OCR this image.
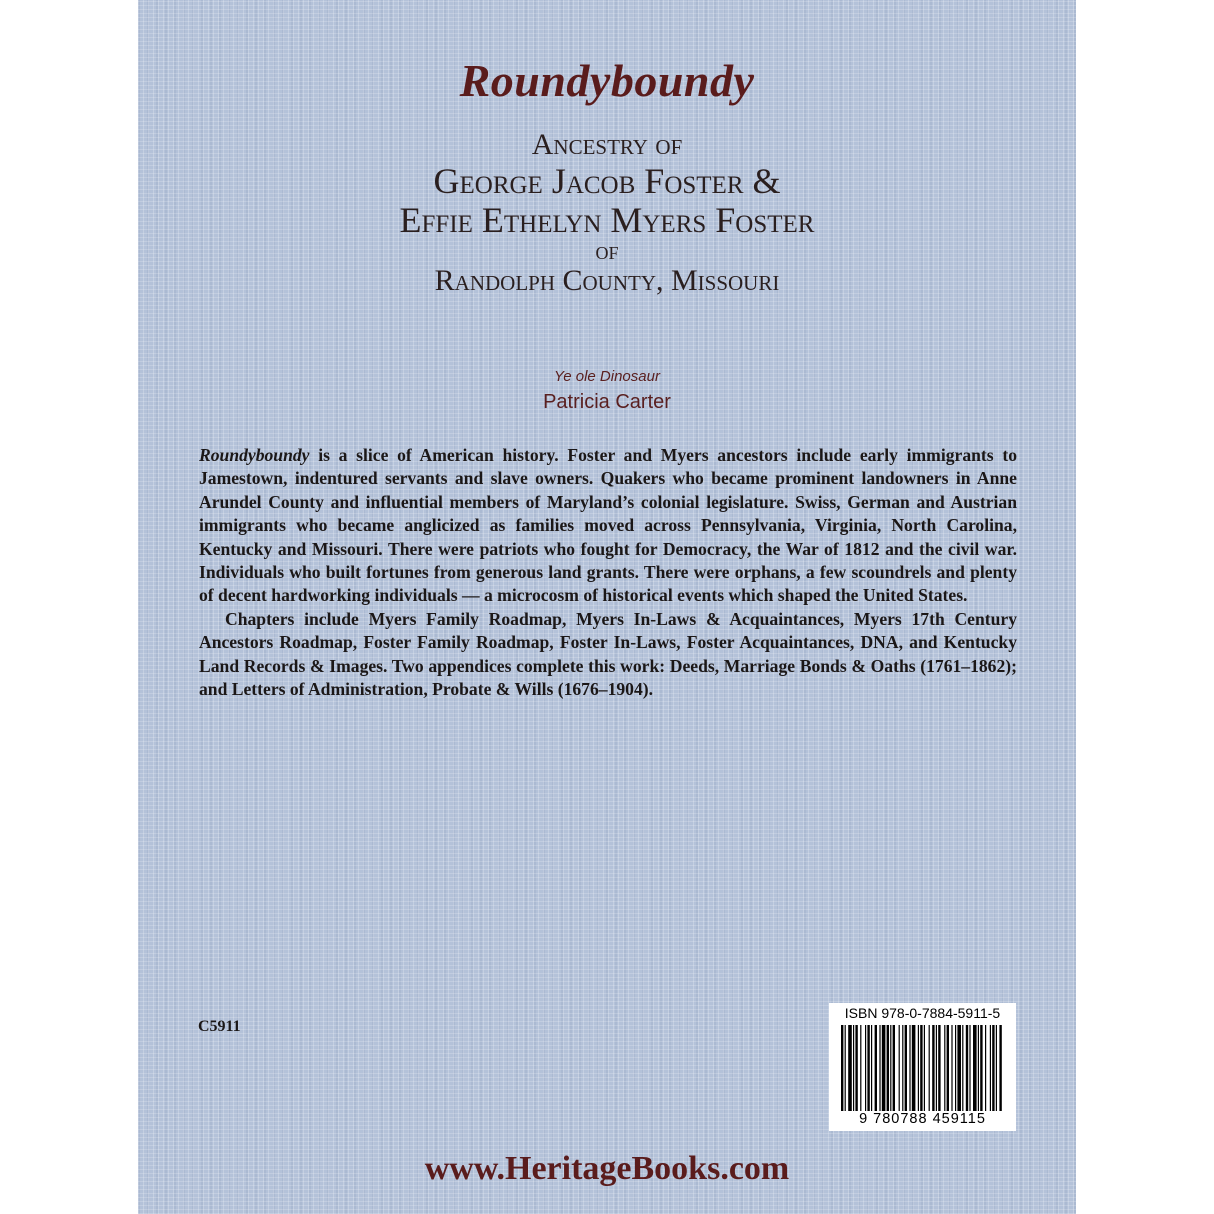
Roundyboundy
Ancestry of
George Jacob Foster &
Effie Ethelyn Myers Foster
of
Randolph County, Missouri
Ye ole Dinosaur
Patricia Carter

Roundyboundy is a slice of American history. Foster and Myers ancestors include early immigrants to Jamestown, indentured servants and slave owners. Quakers who became prominent landowners in Anne Arundel County and influential members of Maryland’s colonial legislature. Swiss, German and Austrian immigrants who became anglicized as families moved across Pennsylvania, Virginia, North Carolina, Kentucky and Missouri. There were patriots who fought for Democracy, the War of 1812 and the civil war. Individuals who built fortunes from generous land grants. There were orphans, a few scoundrels and plenty of decent hardworking individuals — a microcosm of historical events which shaped the United States.

Chapters include Myers Family Roadmap, Myers In-Laws & Acquaintances, Myers 17th Century Ancestors Roadmap, Foster Family Roadmap, Foster In-Laws, Foster Acquaintances, DNA, and Kentucky Land Records & Images. Two appendices complete this work: Deeds, Marriage Bonds & Oaths (1761–1862); and Letters of Administration, Probate & Wills (1676–1904).

C5911
ISBN 978-0-7884-5911-5
9 780788 459115
www.HeritageBooks.com
